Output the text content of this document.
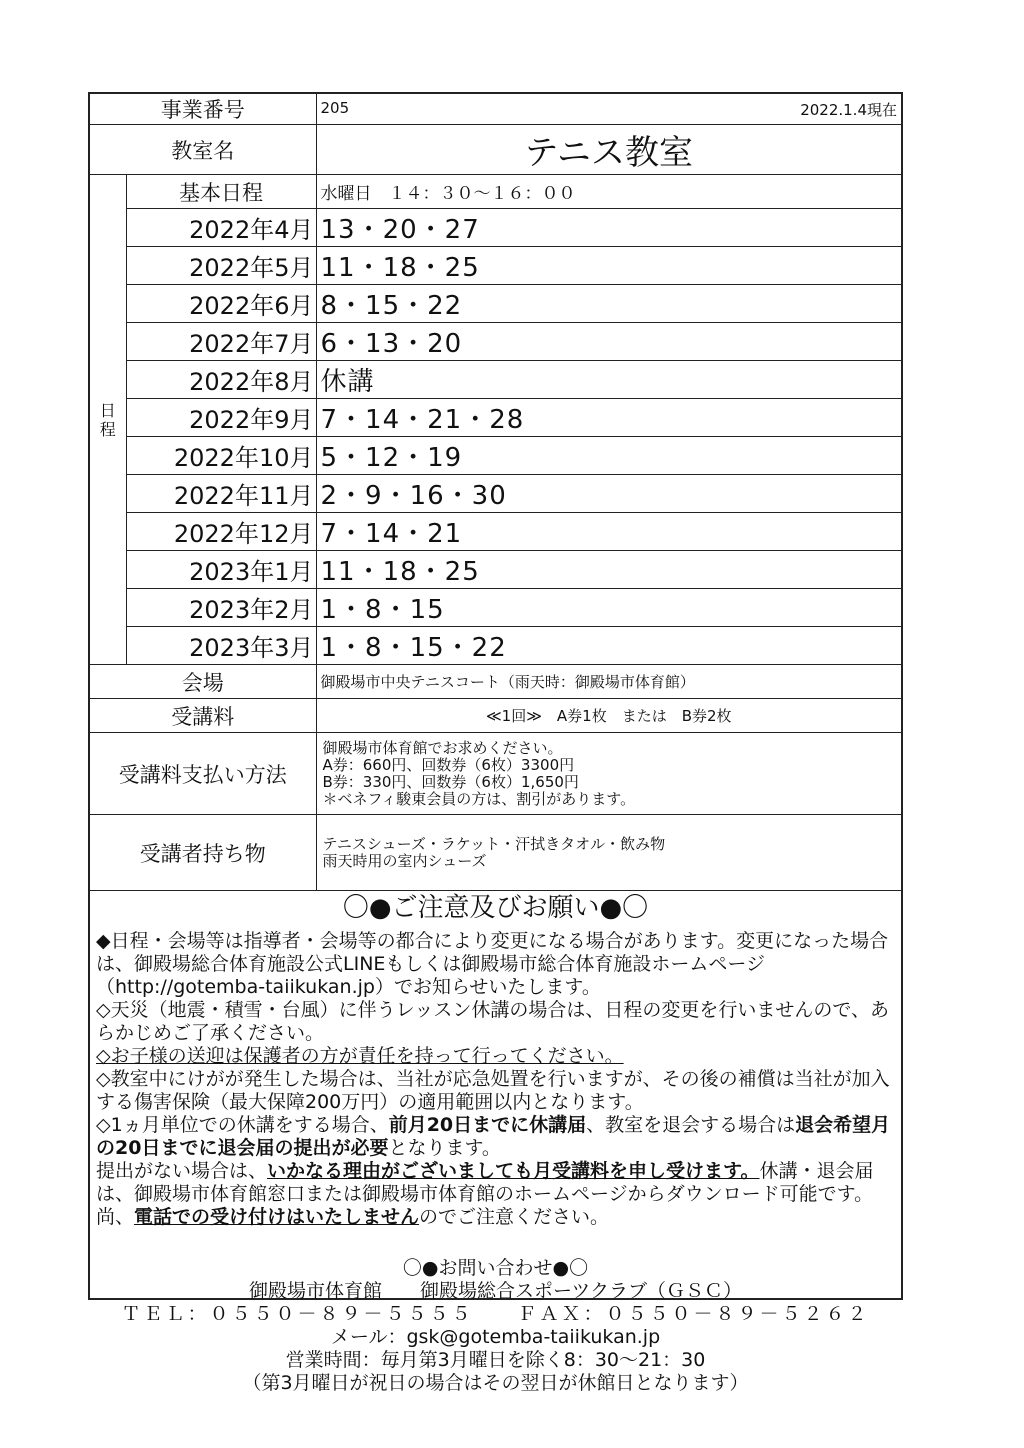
事業番号		205 2022.1.4現在

教室名		テニス教室

日
程	基本日程	水曜日　１４：３０～１６：００
	2022年4月	13・20・27
	2022年5月	11・18・25
	2022年6月	8・15・22
	2022年7月	6・13・20
	2022年8月	休講
	2022年9月	7・14・21・28
	2022年10月	5・12・19
	2022年11月	2・9・16・30
	2022年12月	7・14・21
	2023年1月	11・18・25
	2023年2月	1・8・15
	2023年3月	1・8・15・22
会場		御殿場市中央テニスコート（雨天時：御殿場市体育館）
受講料		≪1回≫　A券1枚　または　B券2枚
受講料支払い方法		御殿場市体育館でお求めください。
A券：660円、回数券（6枚）3300円
B券：330円、回数券（6枚）1,650円
＊ベネフィ駿東会員の方は、割引があります。

受講者持ち物		テニスシューズ・ラケット・汗拭きタオル・飲み物
雨天時用の室内シューズ
〇●ご注意及びお願い●〇

◆日程・会場等は指導者・会場等の都合により変更になる場合があります。変更になった場合は、御殿場総合体育施設公式LINEもしくは御殿場市総合体育施設ホームページ（http://gotemba-taiikukan.jp）でお知らせいたします。

◇天災（地震・積雪・台風）に伴うレッスン休講の場合は、日程の変更を行いませんので、あらかじめご了承ください。

◇お子様の送迎は保護者の方が責任を持って行ってください。

◇教室中にけがが発生した場合は、当社が応急処置を行いますが、その後の補償は当社が加入する傷害保険（最大保障200万円）の適用範囲以内となります。

◇1ヵ月単位での休講をする場合、前月20日までに休講届、教室を退会する場合は退会希望月の20日までに退会届の提出が必要となります。

提出がない場合は、いかなる理由がございましても月受講料を申し受けます。休講・退会届は、御殿場市体育館窓口または御殿場市体育館のホームページからダウンロード可能です。尚、電話での受け付けはいたしませんのでご注意ください。

〇●お問い合わせ●〇
御殿場市体育館　　御殿場総合スポーツクラブ（ＧＳＣ）
ＴＥＬ：０５５０－８９－５５５５　　ＦＡＸ：０５５０－８９－５２６２
メール：gsk@gotemba-taiikukan.jp
営業時間：毎月第3月曜日を除く8：30～21：30
（第3月曜日が祝日の場合はその翌日が休館日となります）
